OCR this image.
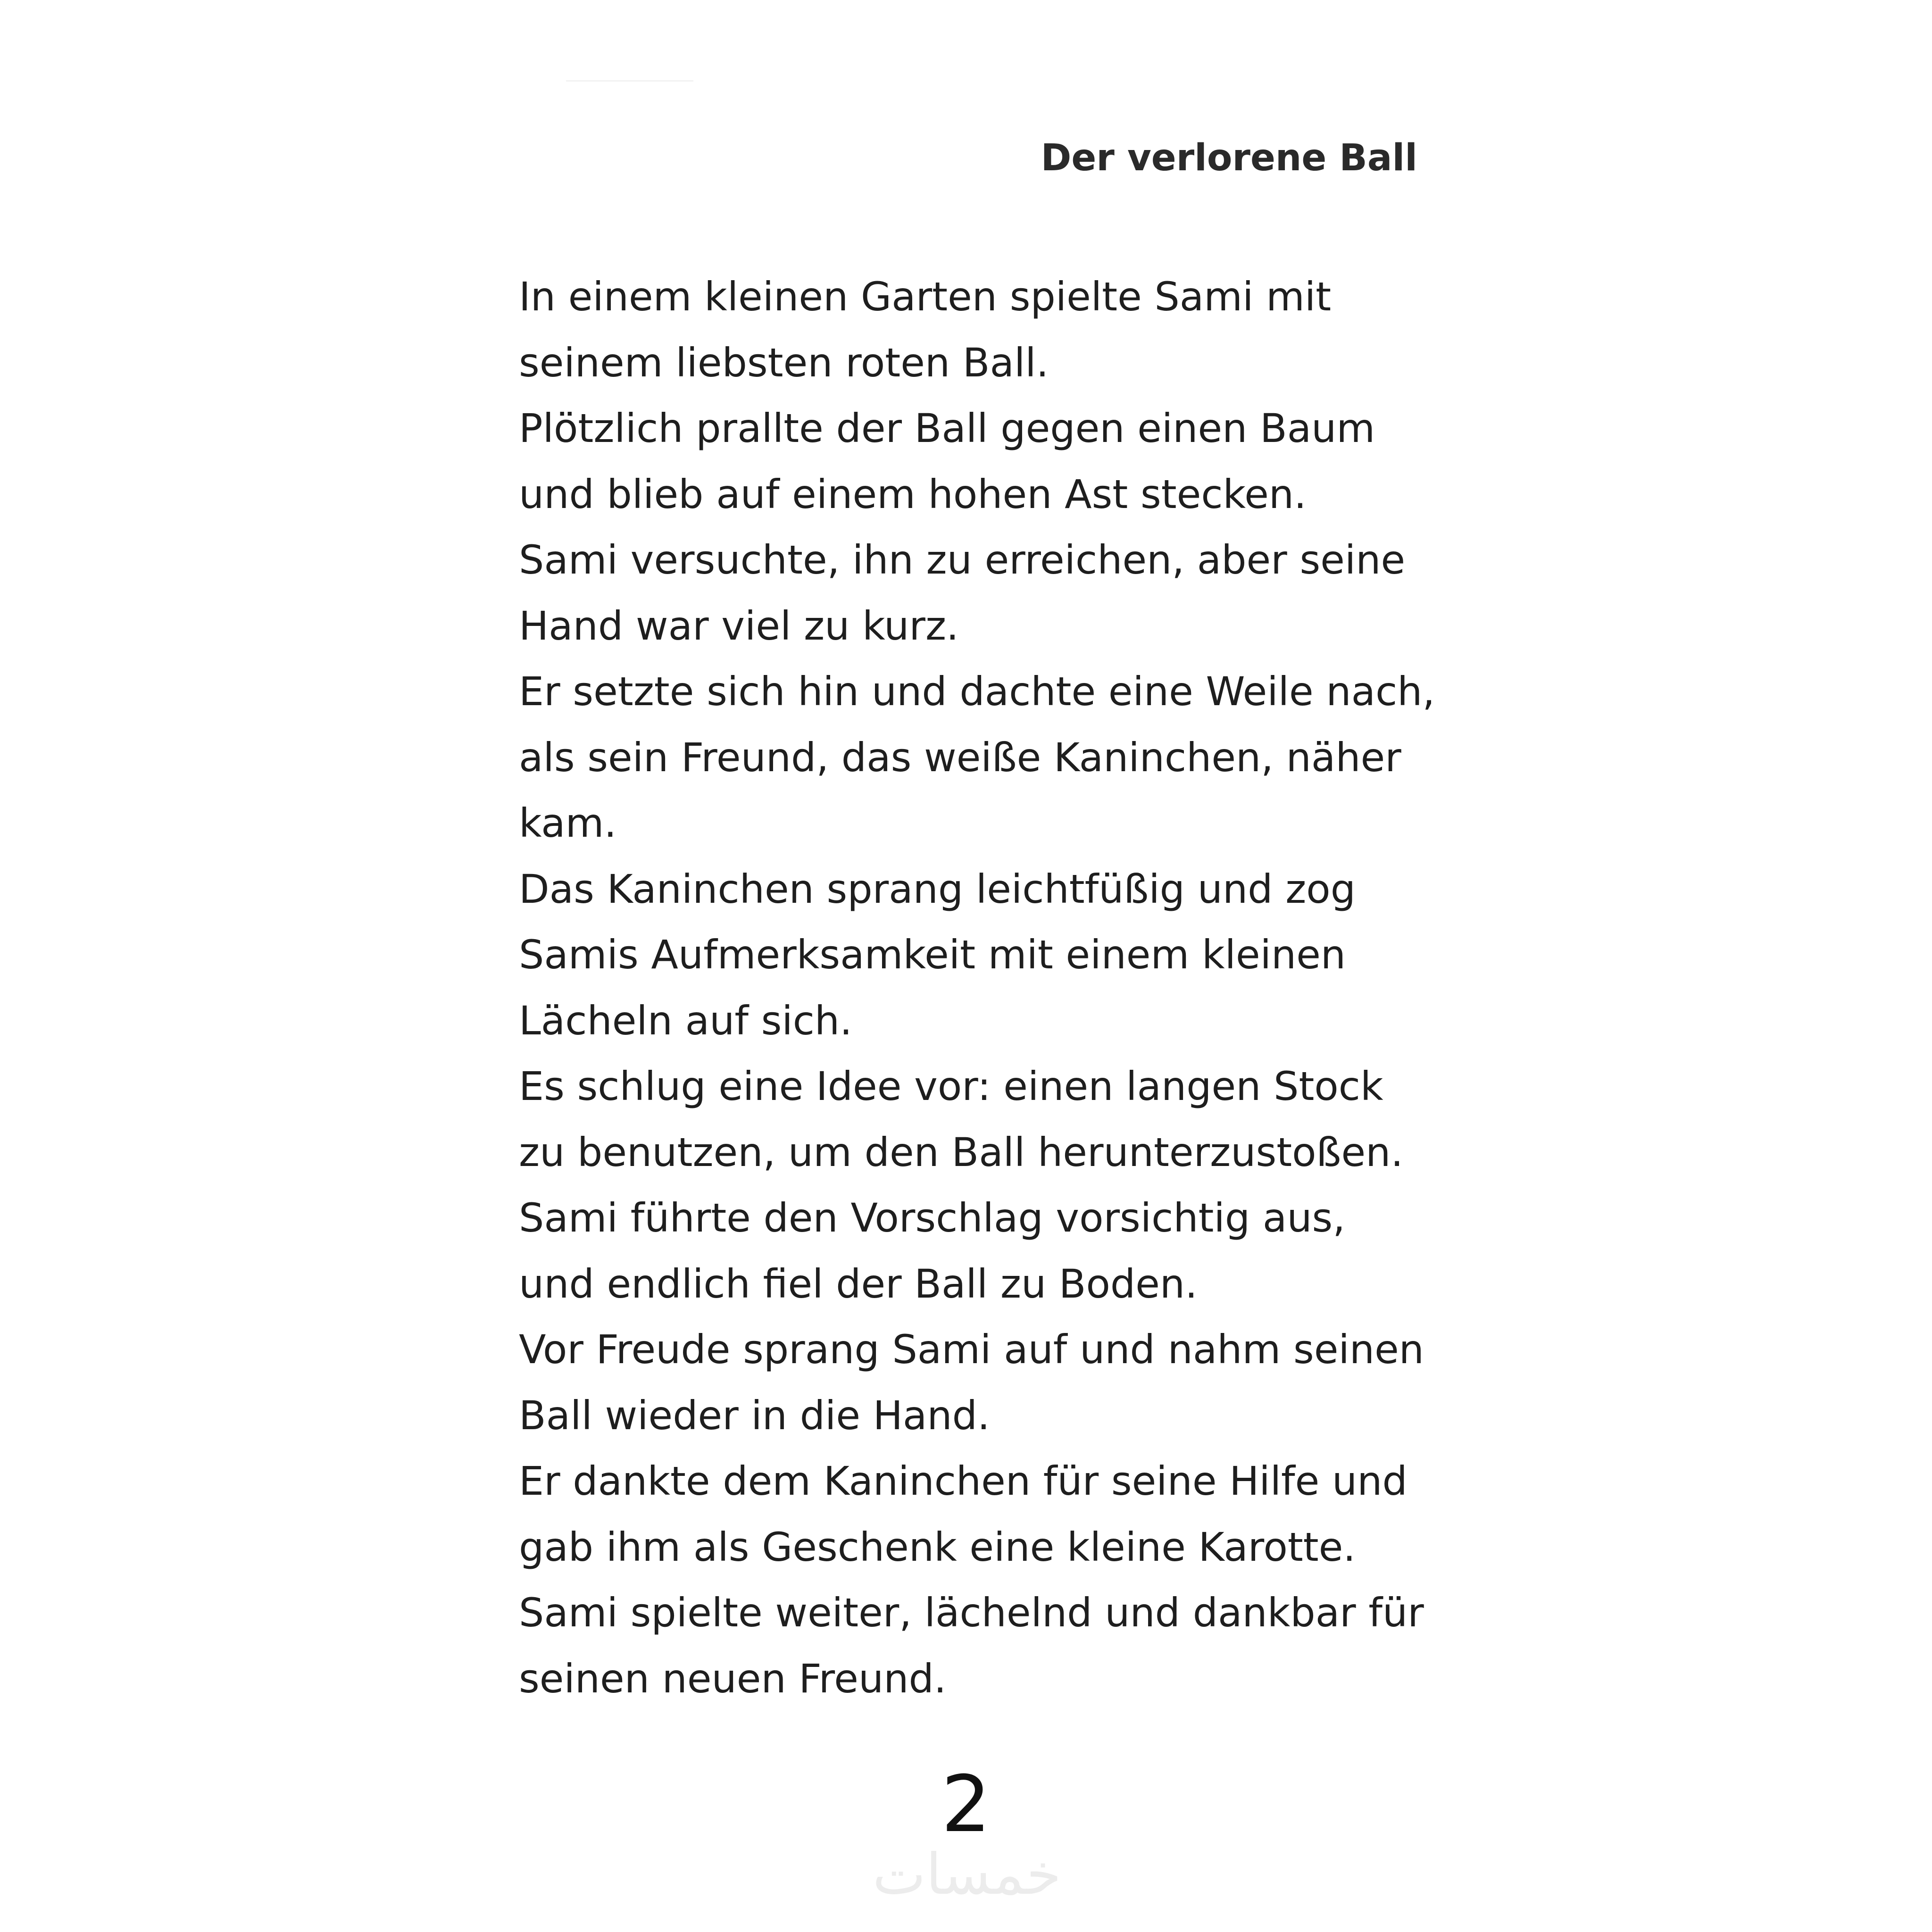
Der verlorene Ball
In einem kleinen Garten spielte Sami mit
seinem liebsten roten Ball.
Plötzlich prallte der Ball gegen einen Baum
und blieb auf einem hohen Ast stecken.
Sami versuchte, ihn zu erreichen, aber seine
Hand war viel zu kurz.
Er setzte sich hin und dachte eine Weile nach,
als sein Freund, das weiße Kaninchen, näher
kam.
Das Kaninchen sprang leichtfüßig und zog
Samis Aufmerksamkeit mit einem kleinen
Lächeln auf sich.
Es schlug eine Idee vor: einen langen Stock
zu benutzen, um den Ball herunterzustoßen.
Sami führte den Vorschlag vorsichtig aus,
und endlich fiel der Ball zu Boden.
Vor Freude sprang Sami auf und nahm seinen
Ball wieder in die Hand.
Er dankte dem Kaninchen für seine Hilfe und
gab ihm als Geschenk eine kleine Karotte.
Sami spielte weiter, lächelnd und dankbar für
seinen neuen Freund.
2
خمسات
